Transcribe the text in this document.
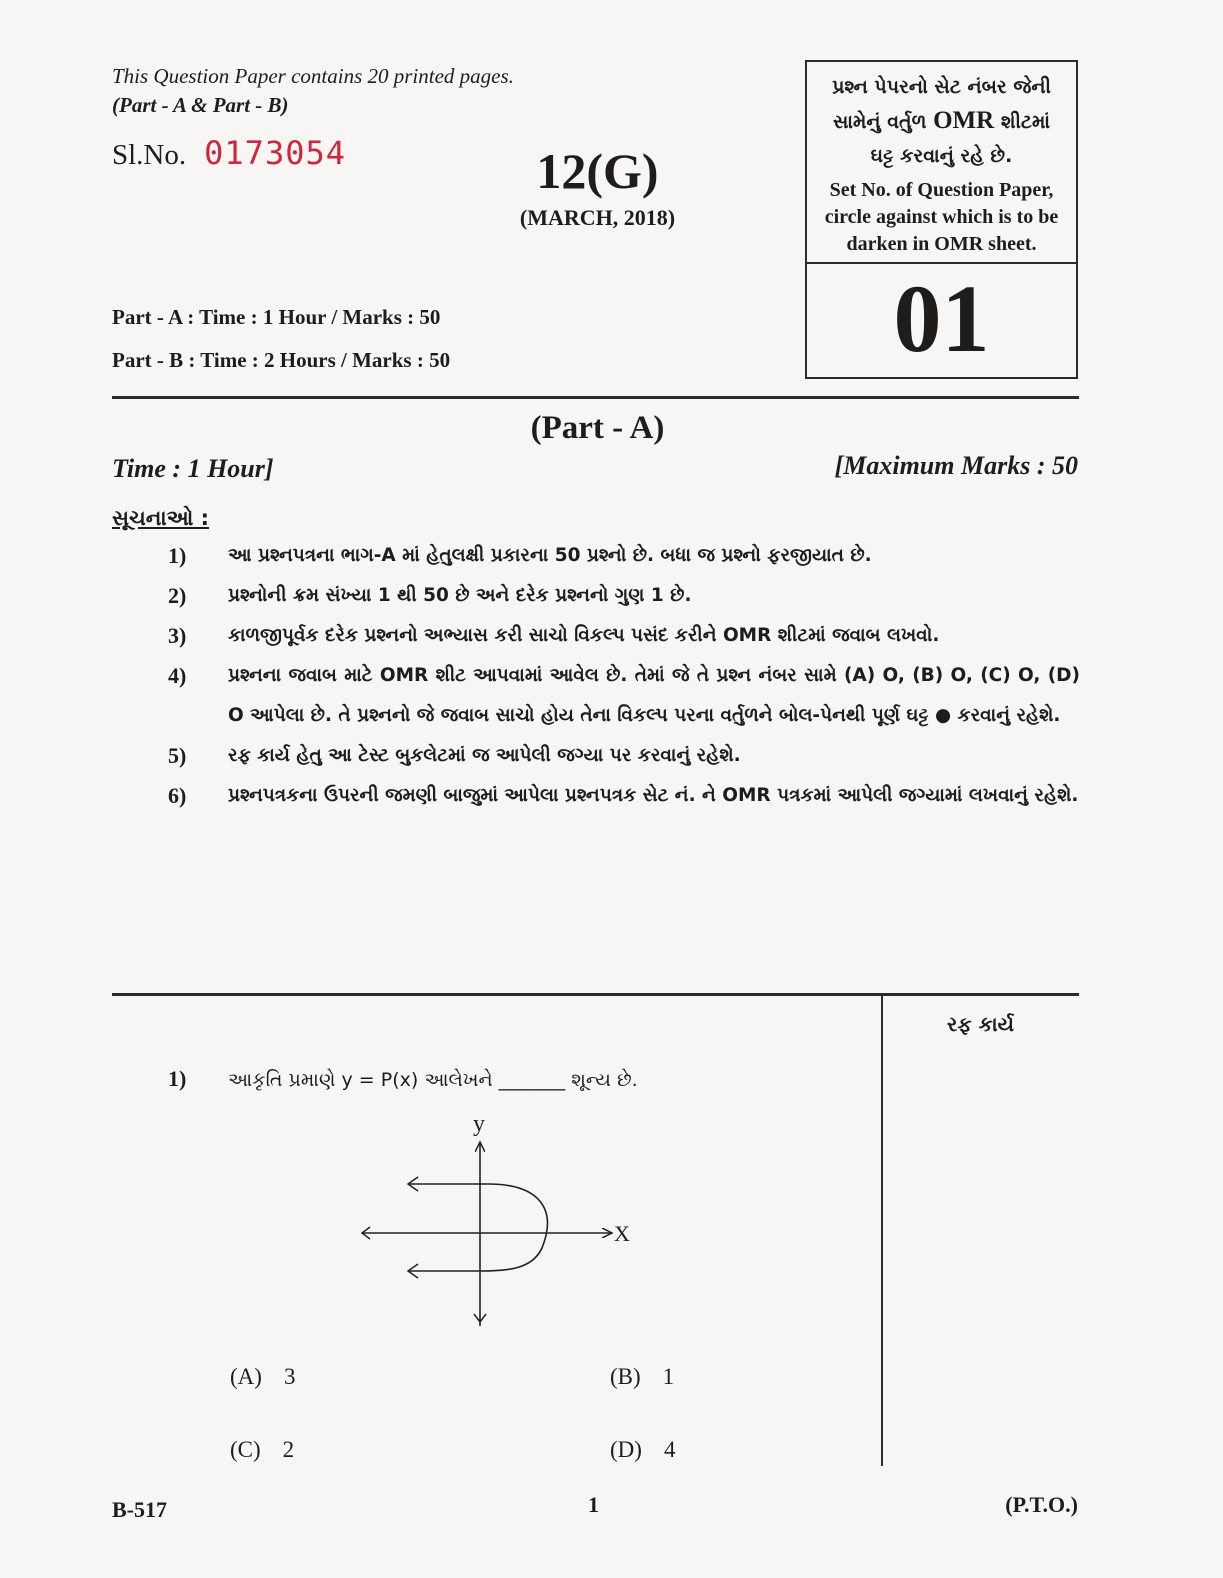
This Question Paper contains 20 printed pages.
(Part - A & Part - B)
Sl.No. 0173054	12(G)
(MARCH, 2018)
પ્રશ્ન પેપરનો સેટ નંબર જેની
સામેનું વર્તુળ OMR શીટમાં
ઘટ્ટ કરવાનું રહે છે.
Set No. of Question Paper,
circle against which is to be
darken in OMR sheet.
01
Part - A : Time : 1 Hour / Marks : 50
Part - B : Time : 2 Hours / Marks : 50
(Part - A)
Time : 1 Hour]	[Maximum Marks : 50
સૂચનાઓ :
1)	આ પ્રશ્નપત્રના ભાગ-A માં હેતુલક્ષી પ્રકારના 50 પ્રશ્નો છે. બધા જ પ્રશ્નો ફરજીયાત છે.
2)	પ્રશ્નોની ક્રમ સંખ્યા 1 થી 50 છે અને દરેક પ્રશ્નનો ગુણ 1 છે.
3)	કાળજીપૂર્વક દરેક પ્રશ્નનો અભ્યાસ કરી સાચો વિકલ્પ પસંદ કરીને OMR શીટમાં જવાબ લખવો.
4)	પ્રશ્નના જવાબ માટે OMR શીટ આપવામાં આવેલ છે. તેમાં જે તે પ્રશ્ન નંબર સામે (A) O, (B) O, (C) O, (D) O આપેલા છે. તે પ્રશ્નનો જે જવાબ સાચો હોય તેના વિકલ્પ પરના વર્તુળને બોલ-પેનથી પૂર્ણ ઘટ્ટ ● કરવાનું રહેશે.
5)	રફ કાર્ય હેતુ આ ટેસ્ટ બુકલેટમાં જ આપેલી જગ્યા પર કરવાનું રહેશે.
6)	પ્રશ્નપત્રકના ઉપરની જમણી બાજુમાં આપેલા પ્રશ્નપત્રક સેટ નં. ને OMR પત્રકમાં આપેલી જગ્યામાં લખવાનું રહેશે.
રફ કાર્ય
1)	આકૃતિ પ્રમાણે y = P(x) આલેખને _______ શૂન્ય છે.
y
X
(A) 3	(B) 1
(C) 2	(D) 4
B-517	1	(P.T.O.)
